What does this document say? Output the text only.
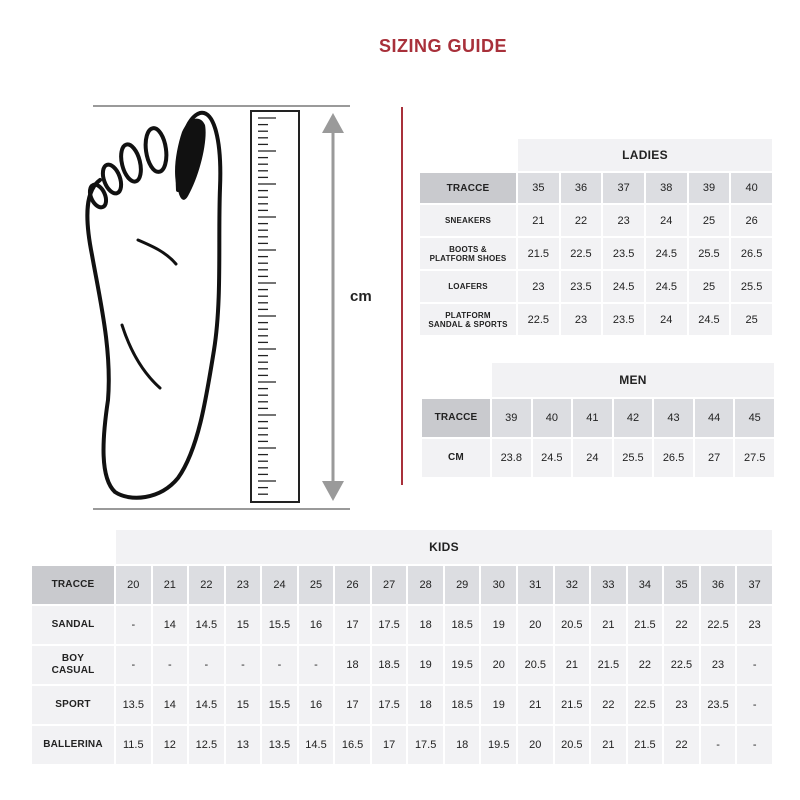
SIZING GUIDE
cm
	LADIES					
TRACCE	35	36	37	38	39	40
SNEAKERS	21	22	23	24	25	26

BOOTS &
PLATFORM SHOES	21.5	22.5	23.5	24.5	25.5	26.5
LOAFERS	23	23.5	24.5	24.5	25	25.5

PLATFORM
SANDAL & SPORTS	22.5	23	23.5	24	24.5	25
	MEN						
TRACCE	39	40	41	42	43	44	45
CM	23.8	24.5	24	25.5	26.5	27	27.5
	KIDS																	
TRACCE	20	21	22	23	24	25	26	27	28	29	30	31	32	33	34	35	36	37
SANDAL	-	14	14.5	15	15.5	16	17	17.5	18	18.5	19	20	20.5	21	21.5	22	22.5	23

BOY
CASUAL	-	-	-	-	-	-	18	18.5	19	19.5	20	20.5	21	21.5	22	22.5	23	-
SPORT	13.5	14	14.5	15	15.5	16	17	17.5	18	18.5	19	21	21.5	22	22.5	23	23.5	-
BALLERINA	11.5	12	12.5	13	13.5	14.5	16.5	17	17.5	18	19.5	20	20.5	21	21.5	22	-	-
